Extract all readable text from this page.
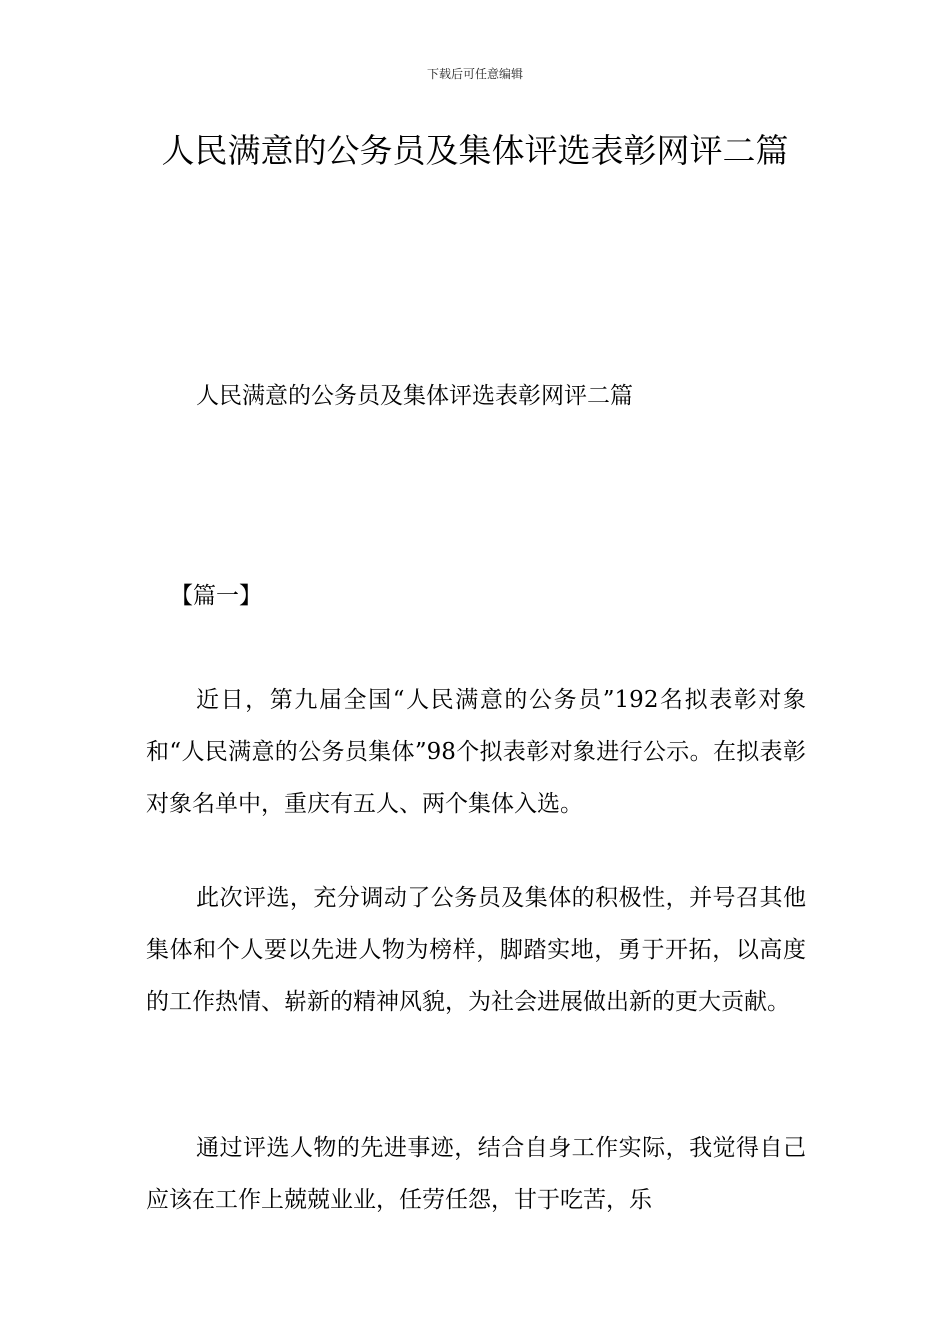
下载后可任意编辑
人民满意的公务员及集体评选表彰网评二篇
人民满意的公务员及集体评选表彰网评二篇
【篇一】

近日，第九届全国“人民满意的公务员”192名拟表彰对象和“人民满意的公务员集体”98个拟表彰对象进行公示。在拟表彰对象名单中，重庆有五人、两个集体入选。

此次评选，充分调动了公务员及集体的积极性，并号召其他集体和个人要以先进人物为榜样，脚踏实地，勇于开拓，以高度的工作热情、崭新的精神风貌，为社会进展做出新的更大贡献。

通过评选人物的先进事迹，结合自身工作实际，我觉得自己应该在工作上兢兢业业，任劳任怨，甘于吃苦，乐
